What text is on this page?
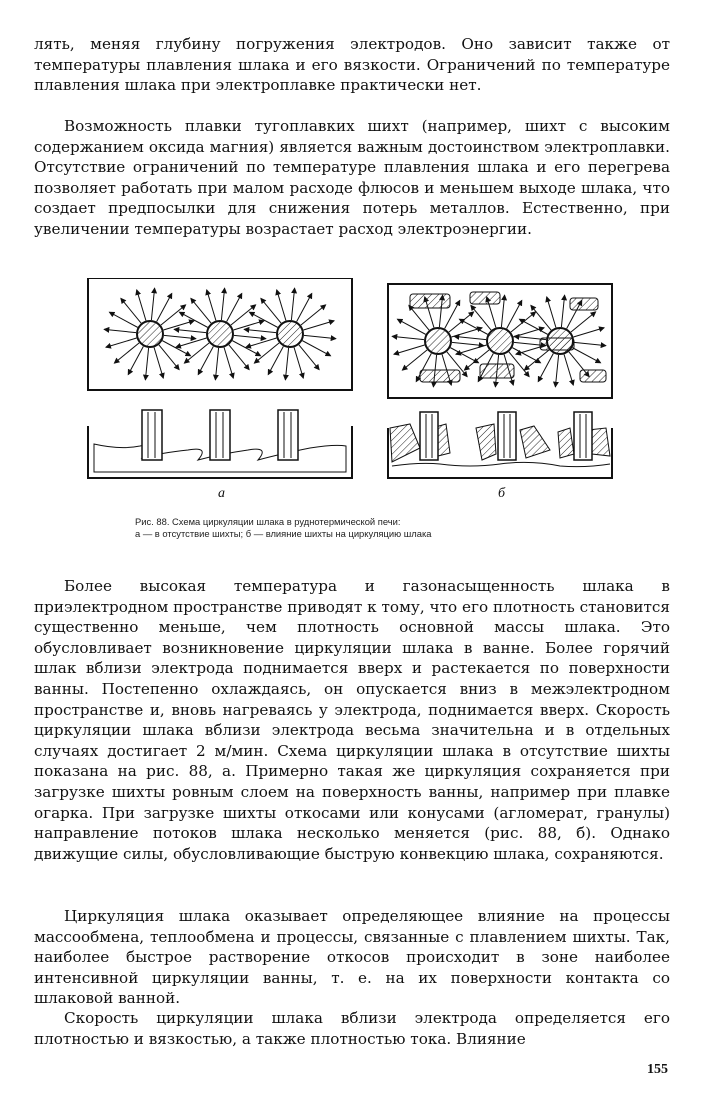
лять, меняя глубину погружения электродов. Оно зависит также от температуры плавления шлака и его вязкости. Ограничений по температуре плавления шлака при электроплавке практически нет.

Возможность плавки тугоплавких шихт (например, шихт с высоким содержанием оксида магния) является важным достоинством электроплавки. Отсутствие ограничений по температуре плавления шлака и его перегрева позволяет работать при малом расходе флюсов и меньшем выходе шлака, что создает предпосылки для снижения потерь металлов. Естественно, при увеличении температуры возрастает расход электроэнергии.

а	б
Рис. 88. Схема циркуляции шлака в руднотермической печи:
а — в отсутствие шихты; б — влияние шихты на циркуляцию шлака

Более высокая температура и газонасыщенность шлака в приэлектродном пространстве приводят к тому, что его плотность становится существенно меньше, чем плотность основной массы шлака. Это обусловливает возникновение циркуляции шлака в ванне. Более горячий шлак вблизи электрода поднимается вверх и растекается по поверхности ванны. Постепенно охлаждаясь, он опускается вниз в межэлектродном пространстве и, вновь нагреваясь у электрода, поднимается вверх. Скорость циркуляции шлака вблизи электрода весьма значительна и в отдельных случаях достигает 2 м/мин. Схема циркуляции шлака в отсутствие шихты показана на рис. 88, а. Примерно такая же циркуляция сохраняется при загрузке шихты ровным слоем на поверхность ванны, например при плавке огарка. При загрузке шихты откосами или конусами (агломерат, гранулы) направление потоков шлака несколько меняется (рис. 88, б). Однако движущие силы, обусловливающие быструю конвекцию шлака, сохраняются.

Циркуляция шлака оказывает определяющее влияние на процессы массообмена, теплообмена и процессы, связанные с плавлением шихты. Так, наиболее быстрое растворение откосов происходит в зоне наиболее интенсивной циркуляции ванны, т. е. на их поверхности контакта со шлаковой ванной.

Скорость циркуляции шлака вблизи электрода определяется его плотностью и вязкостью, а также плотностью тока. Влияние

155
